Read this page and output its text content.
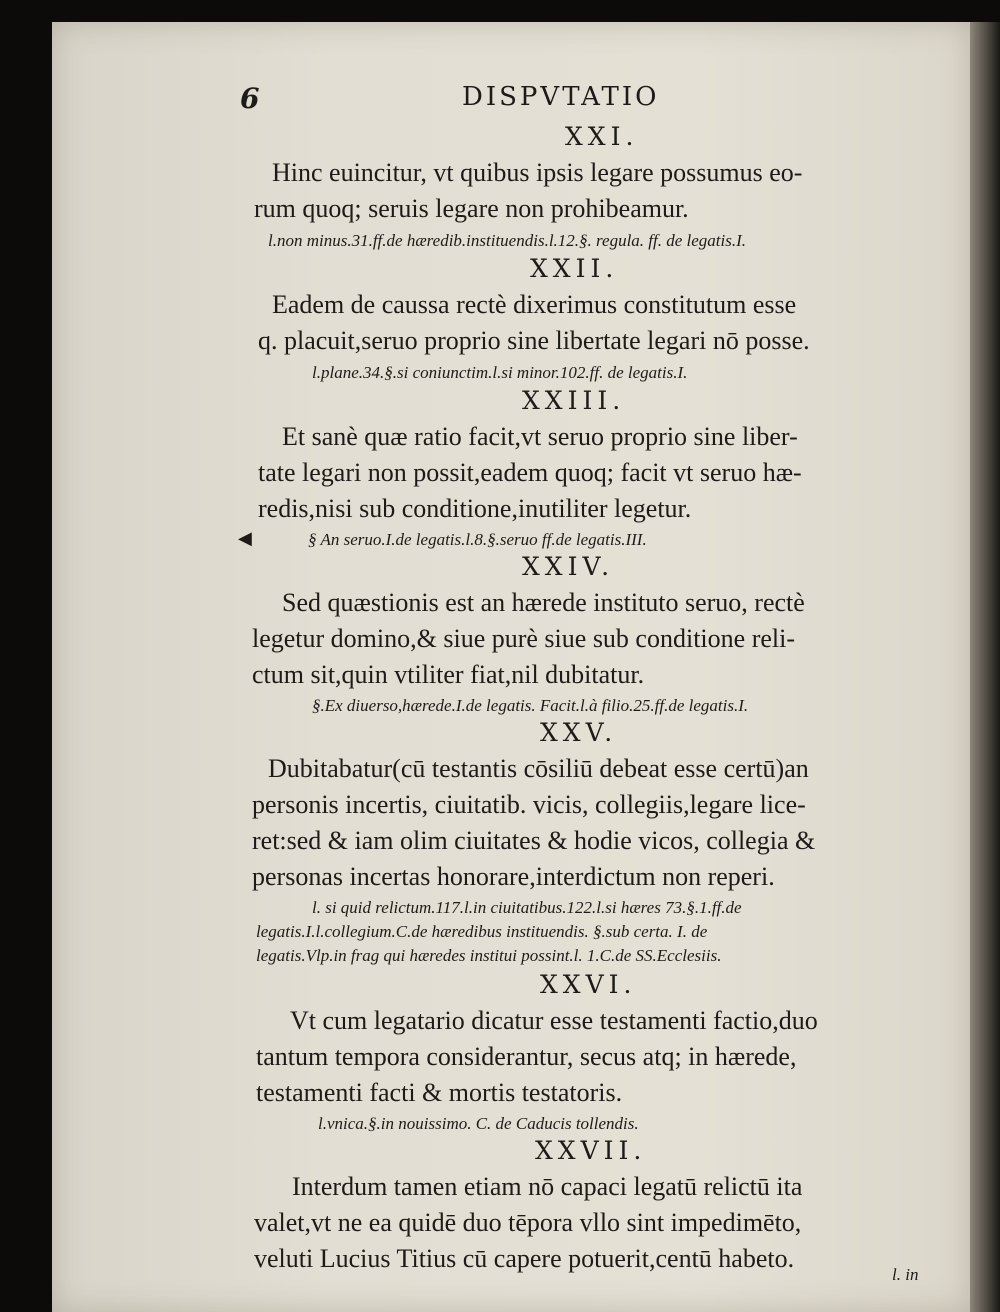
6	DISPVTATIO
XXI.
Hinc euincitur, vt quibus ipsis legare possumus eo-
rum quoq; seruis legare non prohibeamur.
l.non minus.31.ff.de hæredib.instituendis.l.12.§. regula. ff. de legatis.I.
XXII.
Eadem de caussa rectè dixerimus constitutum esse
q. placuit,seruo proprio sine libertate legari nō posse.
l.plane.34.§.si coniunctim.l.si minor.102.ff. de legatis.I.
XXIII.
Et sanè quæ ratio facit,vt seruo proprio sine liber-
tate legari non possit,eadem quoq; facit vt seruo hæ-
redis,nisi sub conditione,inutiliter legetur.
◀	§ An seruo.I.de legatis.l.8.§.seruo ff.de legatis.III.
XXIV.
Sed quæstionis est an hærede instituto seruo, rectè
legetur domino,& siue purè siue sub conditione reli-
ctum sit,quin vtiliter fiat,nil dubitatur.
§.Ex diuerso,hærede.I.de legatis. Facit.l.à filio.25.ff.de legatis.I.
XXV.
Dubitabatur(cū testantis cōsiliū debeat esse certū)an
personis incertis, ciuitatib. vicis, collegiis,legare lice-
ret:sed & iam olim ciuitates & hodie vicos, collegia &
personas incertas honorare,interdictum non reperi.
l. si quid relictum.117.l.in ciuitatibus.122.l.si hæres 73.§.1.ff.de
legatis.I.l.collegium.C.de hæredibus instituendis. §.sub certa. I. de
legatis.Vlp.in frag qui hæredes institui possint.l. 1.C.de SS.Ecclesiis.
XXVI.
Vt cum legatario dicatur esse testamenti factio,duo
tantum tempora considerantur, secus atq; in hærede,
testamenti facti & mortis testatoris.
l.vnica.§.in nouissimo. C. de Caducis tollendis.
XXVII.
Interdum tamen etiam nō capaci legatū relictū ita
valet,vt ne ea quidē duo tēpora vllo sint impedimēto,
veluti Lucius Titius cū capere potuerit,centū habeto.
l. in
